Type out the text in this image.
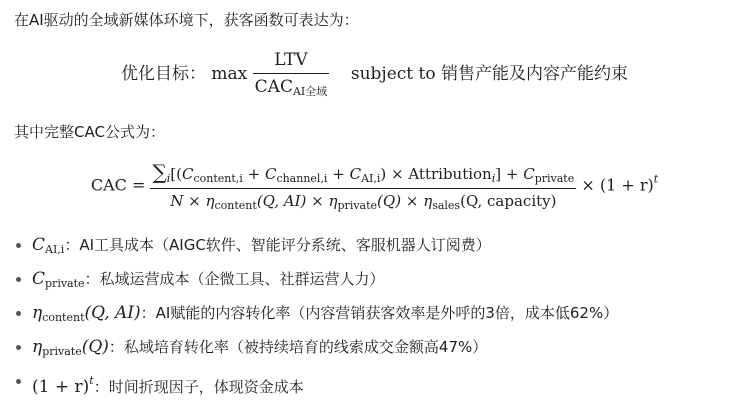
在AI驱动的全域新媒体环境下，获客函数可表达为：
优化目标： $\max \frac{\text{LTV}}{CAC_{AI全域}}$ subject to 销售产能及内容产能约束
其中完整CAC公式为：
CAC =
$\sum_i[(C_{content,i} + C_{channel,i} + C_{AI,i})$ × Attribution$_i$] + $C_{private}$
$N \times \eta_{content}(Q$, $AI) \times \eta_{private}(Q) \times \eta_{sales}(Q$, capacity)
× $(1 + r)^t$
$C_{AI,i}$：AI工具成本（AIGC软件、智能评分系统、客服机器人订阅费）
$C_{private}$：私域运营成本（企微工具、社群运营人力）
$\eta_{content}(Q$, AI)：AI赋能的内容转化率（内容营销获客效率是外呼的3倍，成本低62%）
$\eta_{private}(Q)$：私域培育转化率（被持续培育的线索成交金额高47%）
$(1 + r)^t$：时间折现因子，体现资金成本
